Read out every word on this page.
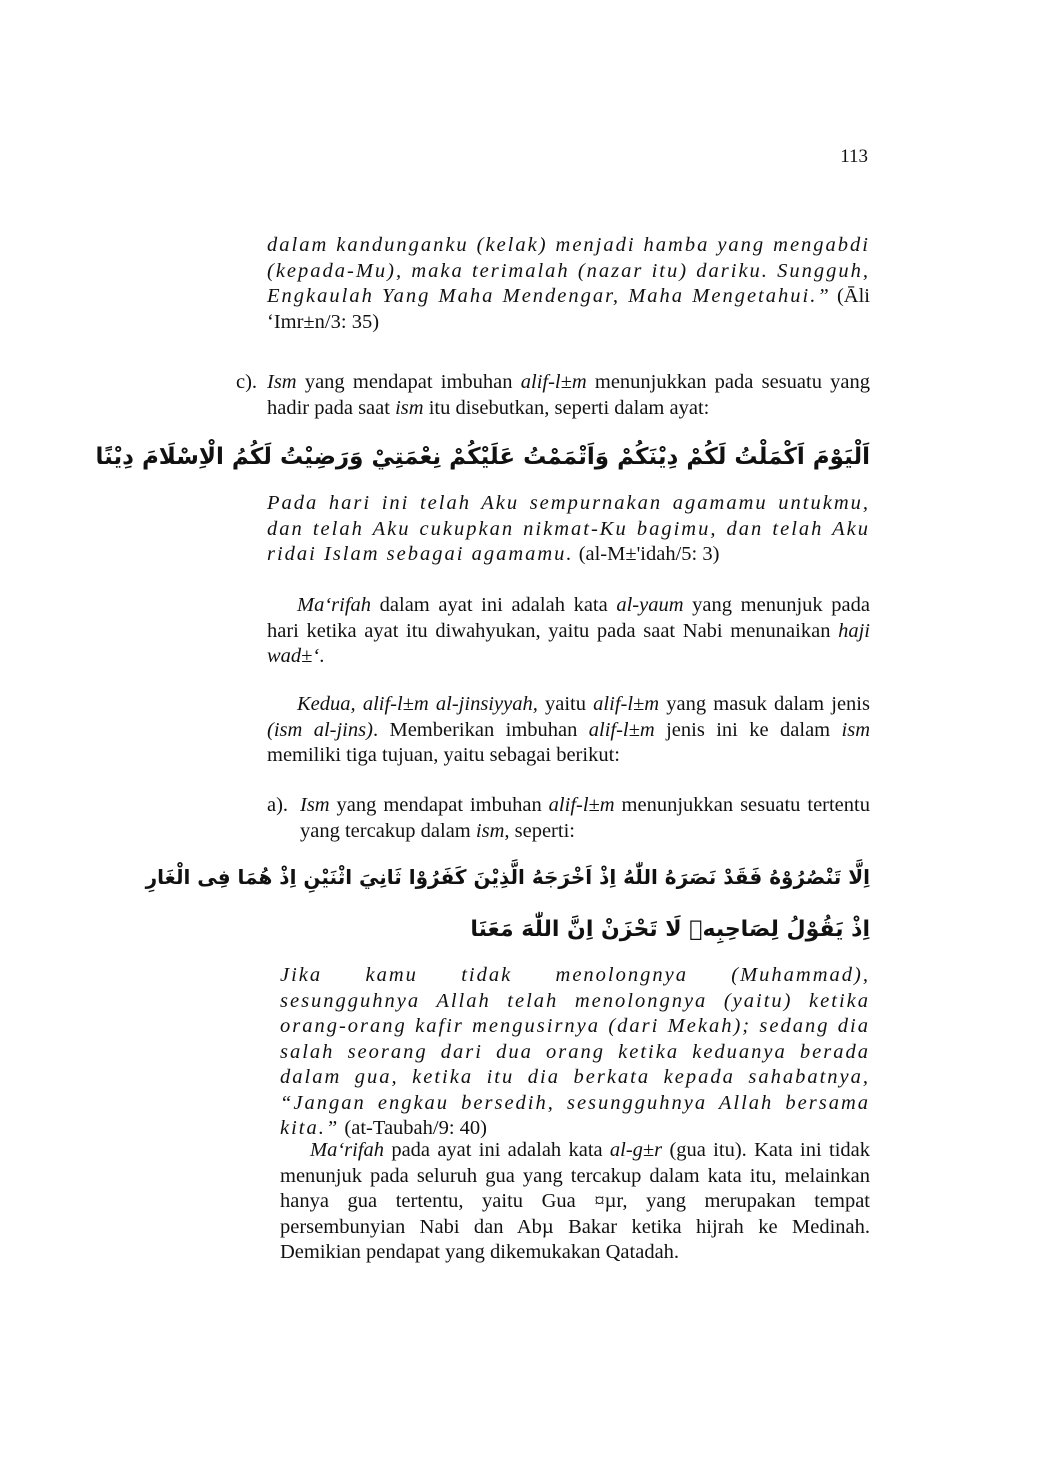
113

dalam kandunganku (kelak) menjadi hamba yang mengabdi (kepada-Mu), maka terimalah (nazar itu) dariku. Sungguh, Engkaulah Yang Maha Mendengar, Maha Mengetahui.” (Āli ‘Imr±n/3: 35)

c). Ism yang mendapat imbuhan alif-l±m menunjukkan pada sesuatu yang hadir pada saat ism itu disebutkan, seperti dalam ayat:

اَلْيَوْمَ اَكْمَلْتُ لَكُمْ دِيْنَكُمْ وَاَتْمَمْتُ عَلَيْكُمْ نِعْمَتِيْ وَرَضِيْتُ لَكُمُ الْاِسْلَامَ دِيْنًا

Pada hari ini telah Aku sempurnakan agamamu untukmu, dan telah Aku cukupkan nikmat-Ku bagimu, dan telah Aku ridai Islam sebagai agamamu. (al-M±'idah/5: 3)

Ma‘rifah dalam ayat ini adalah kata al-yaum yang menunjuk pada hari ketika ayat itu diwahyukan, yaitu pada saat Nabi menunaikan haji wad±‘.

Kedua, alif-l±m al-jinsiyyah, yaitu alif-l±m yang masuk dalam jenis (ism al-jins). Memberikan imbuhan alif-l±m jenis ini ke dalam ism memiliki tiga tujuan, yaitu sebagai berikut:

a). Ism yang mendapat imbuhan alif-l±m menunjukkan sesuatu tertentu yang tercakup dalam ism, seperti:

اِلَّا تَنْصُرُوْهُ فَقَدْ نَصَرَهُ اللّٰهُ اِذْ اَخْرَجَهُ الَّذِيْنَ كَفَرُوْا ثَانِيَ اثْنَيْنِ اِذْ هُمَا فِى الْغَارِ
اِذْ يَقُوْلُ لِصَاحِبِهٖ لَا تَحْزَنْ اِنَّ اللّٰهَ مَعَنَا

Jika kamu tidak menolongnya (Muhammad), sesungguhnya Allah telah menolongnya (yaitu) ketika orang-orang kafir mengusirnya (dari Mekah); sedang dia salah seorang dari dua orang ketika keduanya berada dalam gua, ketika itu dia berkata kepada sahabatnya, “Jangan engkau bersedih, sesungguhnya Allah bersama kita.” (at-Taubah/9: 40)

Ma‘rifah pada ayat ini adalah kata al-g±r (gua itu). Kata ini tidak menunjuk pada seluruh gua yang tercakup dalam kata itu, melainkan hanya gua tertentu, yaitu Gua ¤µr, yang merupakan tempat persembunyian Nabi dan Abµ Bakar ketika hijrah ke Medinah. Demikian pendapat yang dikemukakan Qatadah.
